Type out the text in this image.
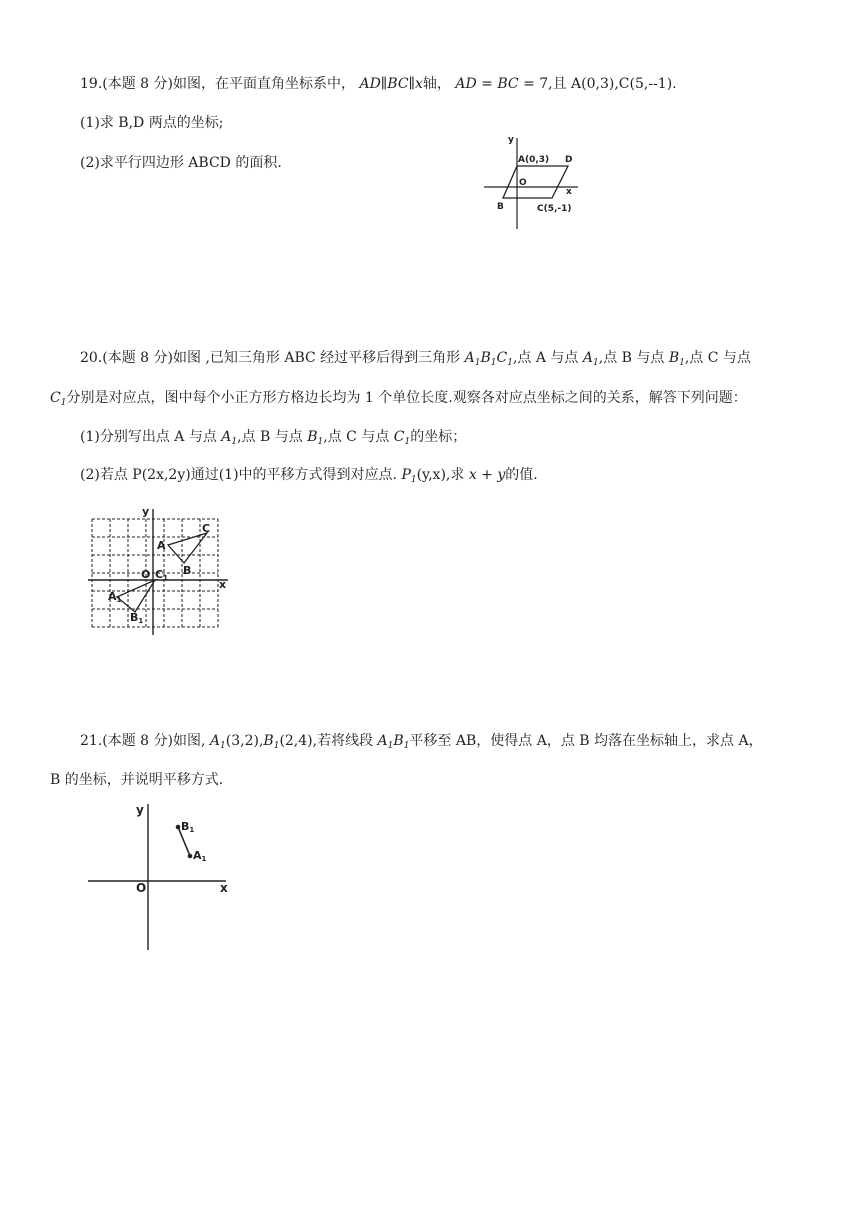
19.(本题 8 分)如图，在平面直角坐标系中， AD∥BC∥x轴， AD = BC = 7,且 A(0,3),C(5,--1).
(1)求 B,D 两点的坐标;
(2)求平行四边形 ABCD 的面积.
y
x
A(0,3) D
O
B	C(5,-1)
20.(本题 8 分)如图 ,已知三角形 ABC 经过平移后得到三角形 $A_1B_1C_1$,点 A 与点 $A_1$,点 B 与点 $B_1$,点 C 与点
$C_1$分别是对应点，图中每个小正方形方格边长均为 1 个单位长度.观察各对应点坐标之间的关系，解答下列问题：
(1)分别写出点 A 与点 $A_1$,点 B 与点 $B_1$,点 C 与点 $C_1$的坐标；
(2)若点 P(2x,2y)通过(1)中的平移方式得到对应点. $P_1(y,x)$,求 x + y的值.
y
x
A
B
C
O C1
A1
B1
21.(本题 8 分)如图, $A_1(3,2),B_1(2,4)$,若将线段 $A_1B_1$平移至 AB，使得点 A，点 B 均落在坐标轴上，求点 A，
B 的坐标，并说明平移方式.
y
x
O
B1
A1
